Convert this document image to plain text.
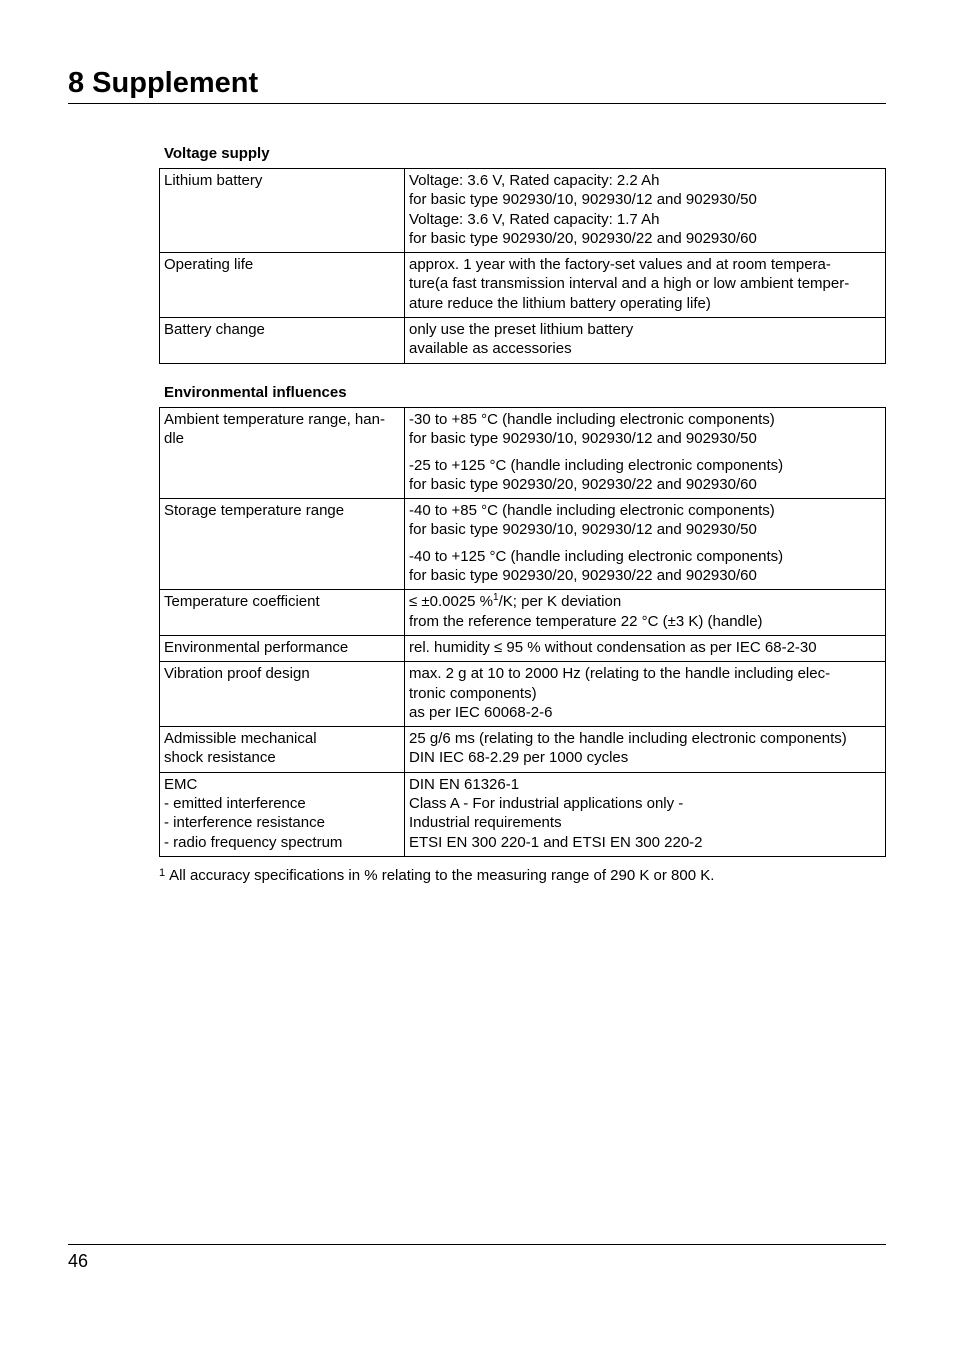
8 Supplement
Voltage supply
Lithium battery	Voltage: 3.6 V, Rated capacity: 2.2 Ah
for basic type 902930/10, 902930/12 and 902930/50
Voltage: 3.6 V, Rated capacity: 1.7 Ah
for basic type 902930/20, 902930/22 and 902930/60

Operating life	approx. 1 year with the factory-set values and at room tempera-
ture(a fast transmission interval and a high or low ambient temper-
ature reduce the lithium battery operating life)

Battery change	only use the preset lithium battery
available as accessories
Environmental influences
Ambient temperature range, han-
dle	-30 to +85 °C (handle including electronic components)
for basic type 902930/10, 902930/12 and 902930/50
-25 to +125 °C (handle including electronic components)
for basic type 902930/20, 902930/22 and 902930/60

Storage temperature range	-40 to +85 °C (handle including electronic components)
for basic type 902930/10, 902930/12 and 902930/50
-40 to +125 °C (handle including electronic components)
for basic type 902930/20, 902930/22 and 902930/60

Temperature coefficient	≤ ±0.0025 %$^1$/K; per K deviation
from the reference temperature 22 °C (±3 K) (handle)

Environmental performance	rel. humidity ≤ 95 % without condensation as per IEC 68-2-30

Vibration proof design	max. 2 g at 10 to 2000 Hz (relating to the handle including elec-
tronic components)
as per IEC 60068-2-6

Admissible mechanical
shock resistance	25 g/6 ms (relating to the handle including electronic components)
DIN IEC 68-2.29 per 1000 cycles

EMC
- emitted interference
- interference resistance
- radio frequency spectrum	DIN EN 61326-1
Class A - For industrial applications only -
Industrial requirements
ETSI EN 300 220-1 and ETSI EN 300 220-2
$^1$ All accuracy specifications in % relating to the measuring range of 290 K or 800 K.
46
